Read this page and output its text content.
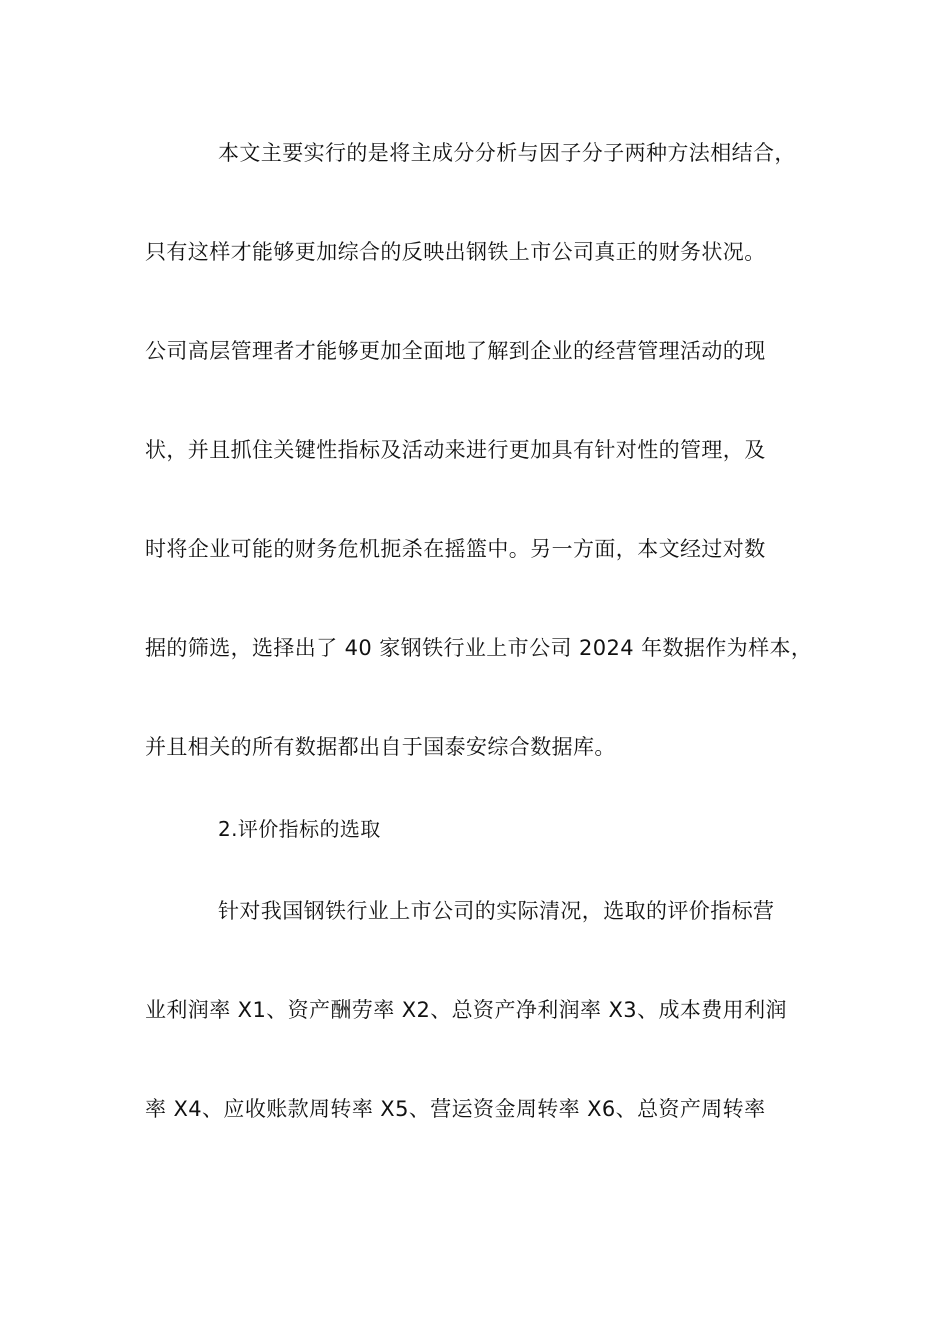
本文主要实行的是将主成分分析与因子分子两种方法相结合，
只有这样才能够更加综合的反映出钢铁上市公司真正的财务状况。
公司高层管理者才能够更加全面地了解到企业的经营管理活动的现
状，并且抓住关键性指标及活动来进行更加具有针对性的管理，及
时将企业可能的财务危机扼杀在摇篮中。另一方面，本文经过对数
据的筛选，选择出了 40 家钢铁行业上市公司 2024 年数据作为样本，
并且相关的所有数据都出自于国泰安综合数据库。
2.评价指标的选取
针对我国钢铁行业上市公司的实际清况，选取的评价指标营
业利润率 X1、资产酬劳率 X2、总资产净利润率 X3、成本费用利润
率 X4、应收账款周转率 X5、营运资金周转率 X6、总资产周转率
